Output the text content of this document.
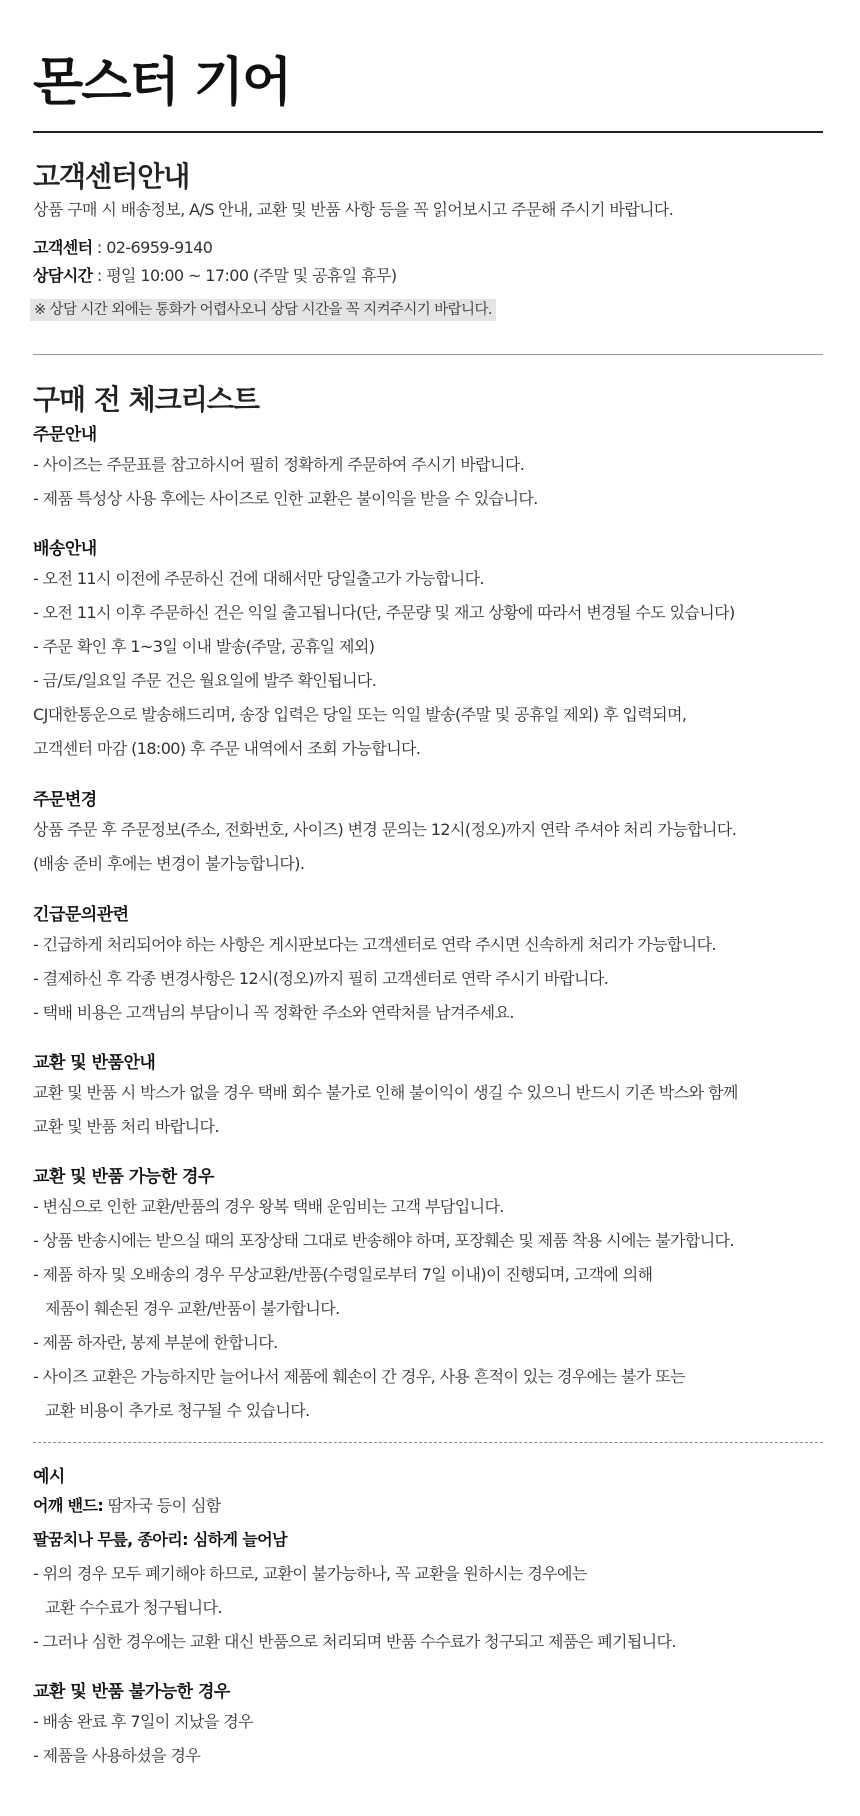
몬스터 기어
고객센터안내

상품 구매 시 배송정보, A/S 안내, 교환 및 반품 사항 등을 꼭 읽어보시고 주문해 주시기 바랍니다.

고객센터 : 02-6959-9140

상담시간 : 평일 10:00 ~ 17:00 (주말 및 공휴일 휴무)

※ 상담 시간 외에는 통화가 어렵사오니 상담 시간을 꼭 지켜주시기 바랍니다.
구매 전 체크리스트
주문안내

- 사이즈는 주문표를 참고하시어 필히 정확하게 주문하여 주시기 바랍니다.

- 제품 특성상 사용 후에는 사이즈로 인한 교환은 불이익을 받을 수 있습니다.

배송안내

- 오전 11시 이전에 주문하신 건에 대해서만 당일출고가 가능합니다.

- 오전 11시 이후 주문하신 건은 익일 출고됩니다(단, 주문량 및 재고 상황에 따라서 변경될 수도 있습니다)

- 주문 확인 후 1~3일 이내 발송(주말, 공휴일 제외)

- 금/토/일요일 주문 건은 월요일에 발주 확인됩니다.

CJ대한통운으로 발송해드리며, 송장 입력은 당일 또는 익일 발송(주말 및 공휴일 제외) 후 입력되며,

고객센터 마감 (18:00) 후 주문 내역에서 조회 가능합니다.

주문변경

상품 주문 후 주문정보(주소, 전화번호, 사이즈) 변경 문의는 12시(정오)까지 연락 주셔야 처리 가능합니다.

(배송 준비 후에는 변경이 불가능합니다).

긴급문의관련

- 긴급하게 처리되어야 하는 사항은 게시판보다는 고객센터로 연락 주시면 신속하게 처리가 가능합니다.

- 결제하신 후 각종 변경사항은 12시(정오)까지 필히 고객센터로 연락 주시기 바랍니다.

- 택배 비용은 고객님의 부담이니 꼭 정확한 주소와 연락처를 남겨주세요.

교환 및 반품안내

교환 및 반품 시 박스가 없을 경우 택배 회수 불가로 인해 불이익이 생길 수 있으니 반드시 기존 박스와 함께

교환 및 반품 처리 바랍니다.

교환 및 반품 가능한 경우

- 변심으로 인한 교환/반품의 경우 왕복 택배 운임비는 고객 부담입니다.

- 상품 반송시에는 받으실 때의 포장상태 그대로 반송해야 하며, 포장훼손 및 제품 착용 시에는 불가합니다.

- 제품 하자 및 오배송의 경우 무상교환/반품(수령일로부터 7일 이내)이 진행되며, 고객에 의해

제품이 훼손된 경우 교환/반품이 불가합니다.

- 제품 하자란, 봉제 부분에 한합니다.

- 사이즈 교환은 가능하지만 늘어나서 제품에 훼손이 간 경우, 사용 흔적이 있는 경우에는 불가 또는

교환 비용이 추가로 청구될 수 있습니다.

예시

어깨 밴드: 땀자국 등이 심함

팔꿈치나 무릎, 종아리: 심하게 늘어남

- 위의 경우 모두 폐기해야 하므로, 교환이 불가능하나, 꼭 교환을 원하시는 경우에는

교환 수수료가 청구됩니다.

- 그러나 심한 경우에는 교환 대신 반품으로 처리되며 반품 수수료가 청구되고 제품은 폐기됩니다.

교환 및 반품 불가능한 경우

- 배송 완료 후 7일이 지났을 경우

- 제품을 사용하셨을 경우
